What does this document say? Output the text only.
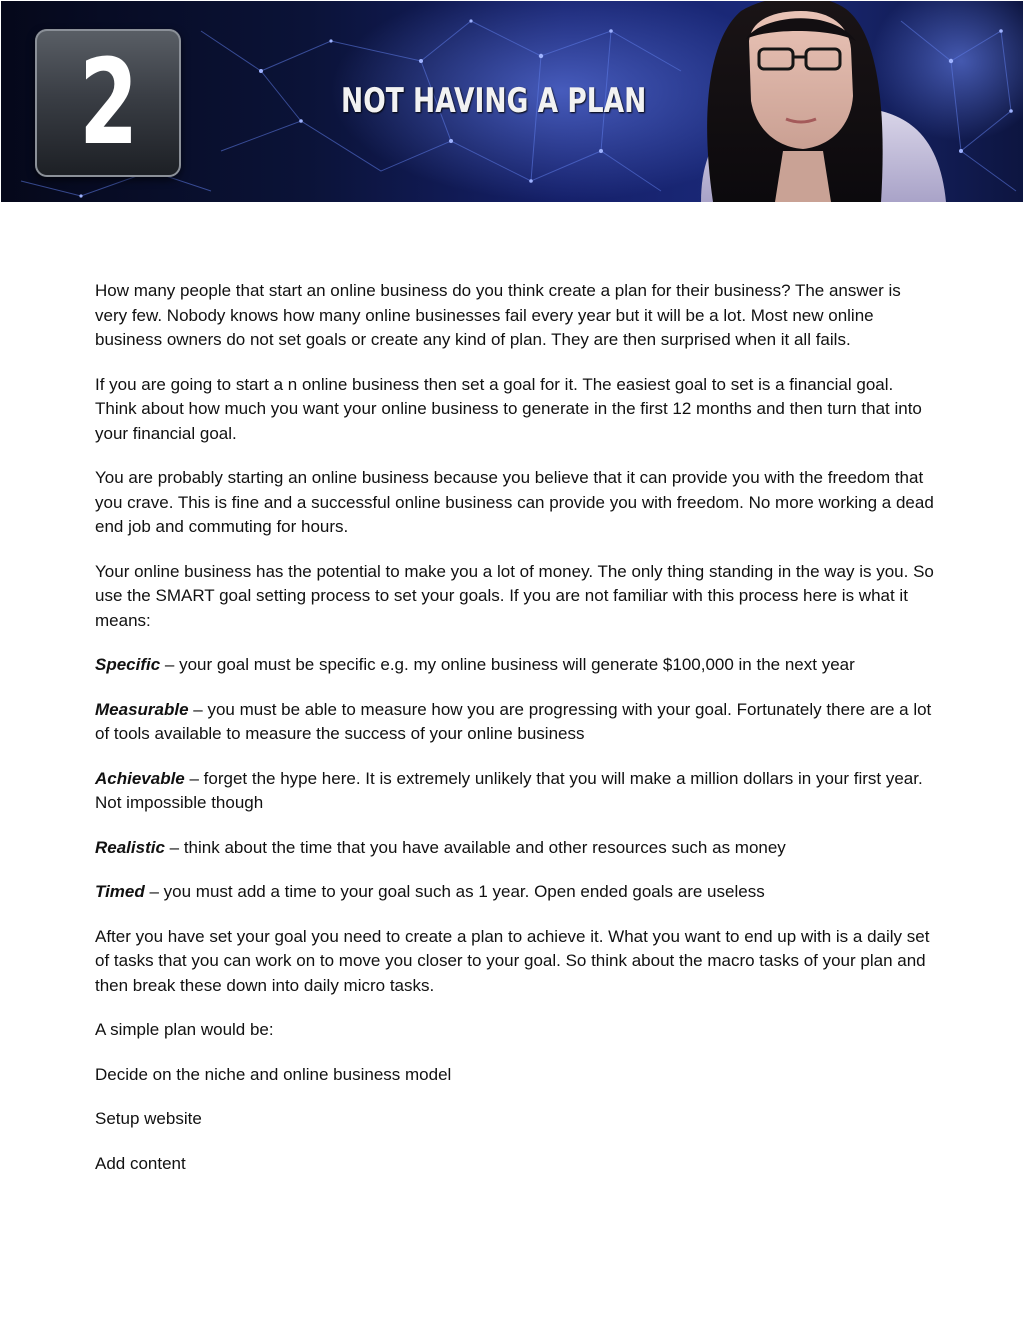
2	NOT HAVING A PLAN

How many people that start an online business do you think create a plan for their business? The answer is very few. Nobody knows how many online businesses fail every year but it will be a lot. Most new online business owners do not set goals or create any kind of plan. They are then surprised when it all fails.

If you are going to start a n online business then set a goal for it. The easiest goal to set is a financial goal. Think about how much you want your online business to generate in the first 12 months and then turn that into your financial goal.

You are probably starting an online business because you believe that it can provide you with the freedom that you crave. This is fine and a successful online business can provide you with freedom. No more working a dead end job and commuting for hours.

Your online business has the potential to make you a lot of money. The only thing standing in the way is you. So use the SMART goal setting process to set your goals. If you are not familiar with this process here is what it means:

Specific – your goal must be specific e.g. my online business will generate $100,000 in the next year

Measurable – you must be able to measure how you are progressing with your goal. Fortunately there are a lot of tools available to measure the success of your online business

Achievable – forget the hype here. It is extremely unlikely that you will make a million dollars in your first year. Not impossible though

Realistic – think about the time that you have available and other resources such as money

Timed – you must add a time to your goal such as 1 year. Open ended goals are useless

After you have set your goal you need to create a plan to achieve it. What you want to end up with is a daily set of tasks that you can work on to move you closer to your goal. So think about the macro tasks of your plan and then break these down into daily micro tasks.

A simple plan would be:

Decide on the niche and online business model

Setup website

Add content
